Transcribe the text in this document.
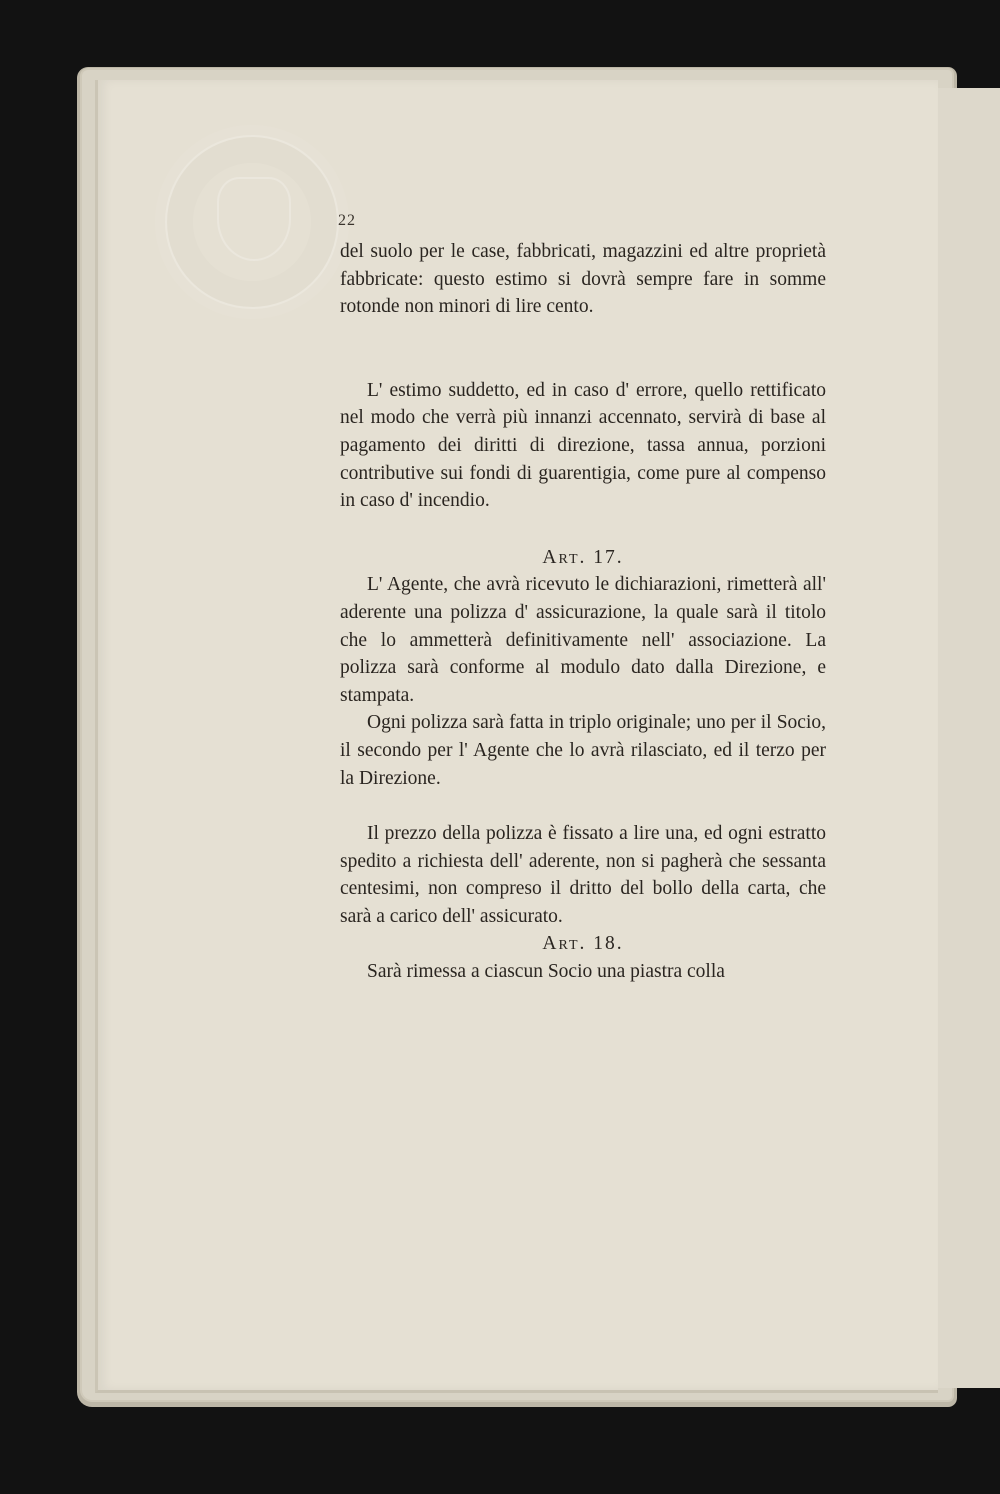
22

del suolo per le case, fabbricati, magazzini ed altre proprietà fabbricate: questo estimo si dovrà sempre fare in somme rotonde non minori di lire cento.

L' estimo suddetto, ed in caso d' errore, quello rettificato nel modo che verrà più innanzi accennato, servirà di base al pagamento dei diritti di direzione, tassa annua, porzioni contributive sui fondi di guarentigia, come pure al compenso in caso d' incendio.

Art. 17.

L' Agente, che avrà ricevuto le dichiarazioni, rimetterà all' aderente una polizza d' assicurazione, la quale sarà il titolo che lo ammetterà definitivamente nell' associazione. La polizza sarà conforme al modulo dato dalla Direzione, e stampata.

Ogni polizza sarà fatta in triplo originale; uno per il Socio, il secondo per l' Agente che lo avrà rilasciato, ed il terzo per la Direzione.

Il prezzo della polizza è fissato a lire una, ed ogni estratto spedito a richiesta dell' aderente, non si pagherà che sessanta centesimi, non compreso il dritto del bollo della carta, che sarà a carico dell' assicurato.

Art. 18.

Sarà rimessa a ciascun Socio una piastra colla
